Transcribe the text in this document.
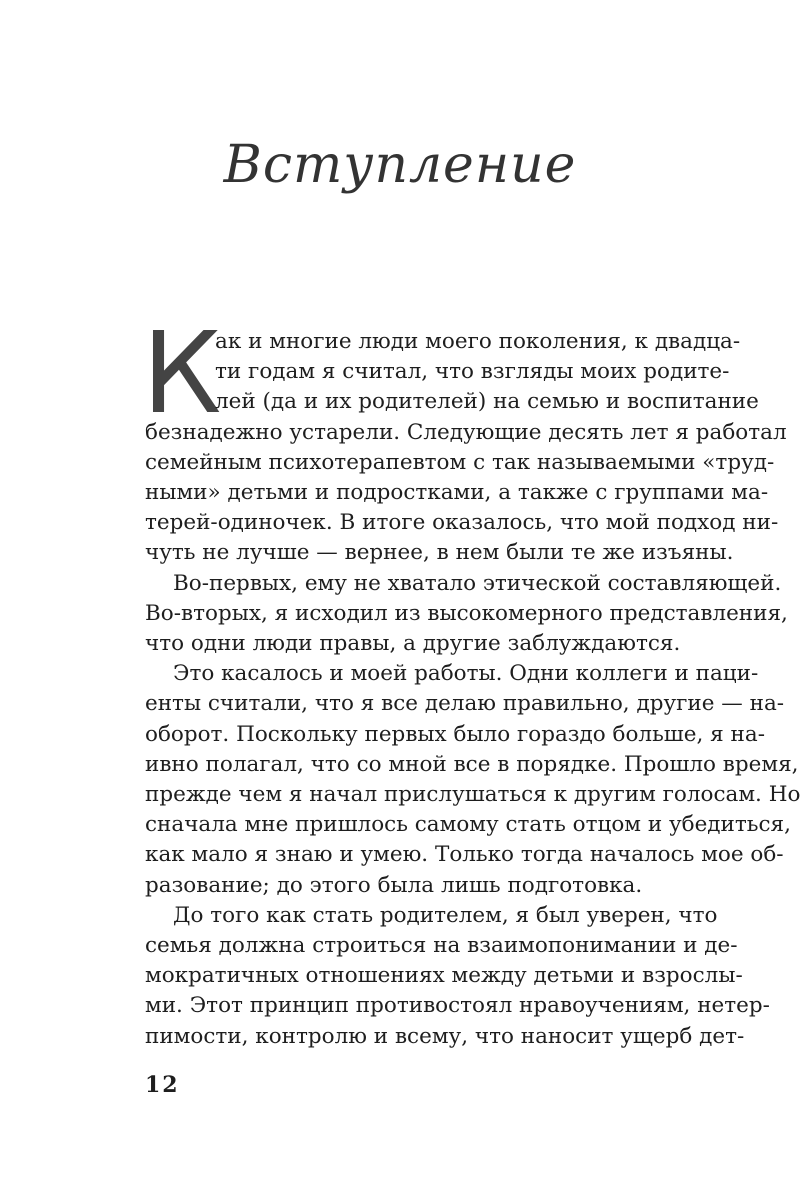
Вступление
К
ак и многие люди моего поколения, к двадца-
ти годам я считал, что взгляды моих родите-
лей (да и их родителей) на семью и воспитание
безнадежно устарели. Следующие десять лет я работал
семейным психотерапевтом с так называемыми «труд-
ными» детьми и подростками, а также с группами ма-
терей-одиночек. В итоге оказалось, что мой подход ни-
чуть не лучше — вернее, в нем были те же изъяны.
Во-первых, ему не хватало этической составляющей.
Во-вторых, я исходил из высокомерного представления,
что одни люди правы, а другие заблуждаются.
Это касалось и моей работы. Одни коллеги и паци-
енты считали, что я все делаю правильно, другие — на-
оборот. Поскольку первых было гораздо больше, я на-
ивно полагал, что со мной все в порядке. Прошло время,
прежде чем я начал прислушаться к другим голосам. Но
сначала мне пришлось самому стать отцом и убедиться,
как мало я знаю и умею. Только тогда началось мое об-
разование; до этого была лишь подготовка.
До того как стать родителем, я был уверен, что
семья должна строиться на взаимопонимании и де-
мократичных отношениях между детьми и взрослы-
ми. Этот принцип противостоял нравоучениям, нетер-
12
пимости, контролю и всему, что наносит ущерб дет-
